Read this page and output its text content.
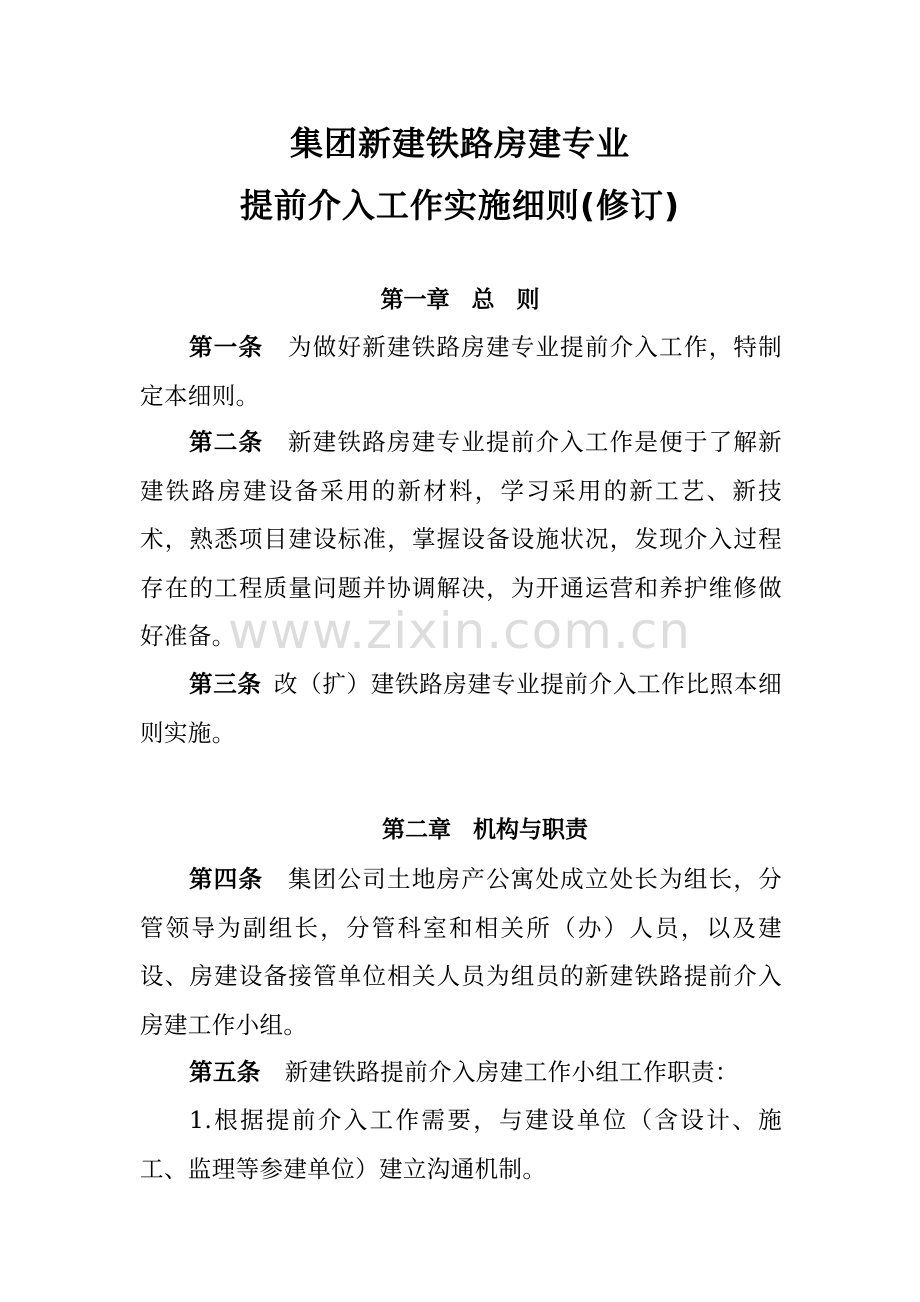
集团新建铁路房建专业
提前介入工作实施细则(修订)
第一章 总 则
第一条 为做好新建铁路房建专业提前介入工作，特制定本细则。
第二条 新建铁路房建专业提前介入工作是便于了解新建铁路房建设备采用的新材料，学习采用的新工艺、新技术，熟悉项目建设标准，掌握设备设施状况，发现介入过程存在的工程质量问题并协调解决，为开通运营和养护维修做好准备。
第三条 改（扩）建铁路房建专业提前介入工作比照本细则实施。
第二章 机构与职责
第四条 集团公司土地房产公寓处成立处长为组长，分管领导为副组长，分管科室和相关所（办）人员，以及建设、房建设备接管单位相关人员为组员的新建铁路提前介入房建工作小组。
第五条 新建铁路提前介入房建工作小组工作职责：
1.根据提前介入工作需要，与建设单位（含设计、施工、监理等参建单位）建立沟通机制。
www.zixin.com.cn
